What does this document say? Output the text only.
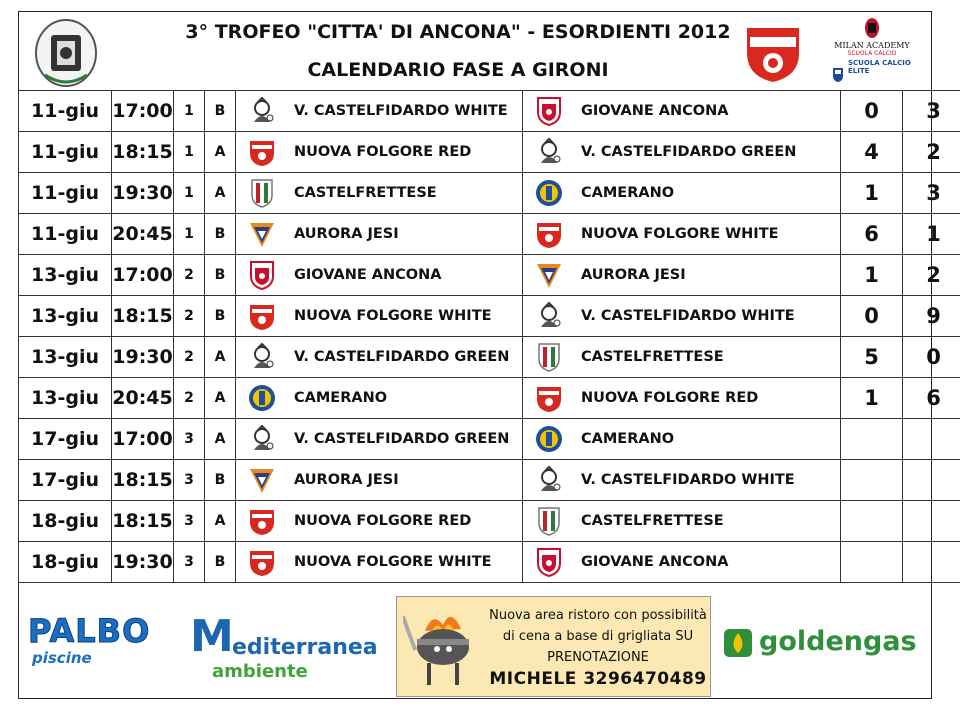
3° TROFEO "CITTA' DI ANCONA" - ESORDIENTI 2012
CALENDARIO FASE A GIRONI
MILAN ACADEMY
SCUOLA CALCIO
SCUOLA CALCIO ÉLITE
11-giu	17:00	1	B	V. CASTELFIDARDO WHITE	GIOVANE ANCONA	0	3
11-giu	18:15	1	A	NUOVA FOLGORE RED	V. CASTELFIDARDO GREEN	4	2
11-giu	19:30	1	A	CASTELFRETTESE	CAMERANO	1	3
11-giu	20:45	1	B	AURORA JESI	NUOVA FOLGORE WHITE	6	1
13-giu	17:00	2	B	GIOVANE ANCONA	AURORA JESI	1	2
13-giu	18:15	2	B	NUOVA FOLGORE WHITE	V. CASTELFIDARDO WHITE	0	9
13-giu	19:30	2	A	V. CASTELFIDARDO GREEN	CASTELFRETTESE	5	0
13-giu	20:45	2	A	CAMERANO	NUOVA FOLGORE RED	1	6
17-giu	17:00	3	A	V. CASTELFIDARDO GREEN	CAMERANO		

17-giu	18:15	3	B	AURORA JESI	V. CASTELFIDARDO WHITE		

18-giu	18:15	3	A	NUOVA FOLGORE RED	CASTELFRETTESE		

18-giu	19:30	3	B	NUOVA FOLGORE WHITE	GIOVANE ANCONA		

PALBO
piscine	M
editerranea
ambiente
Nuova area ristoro con possibilità di cena a base di grigliata SU PRENOTAZIONE
MICHELE 3296470489
goldengas
